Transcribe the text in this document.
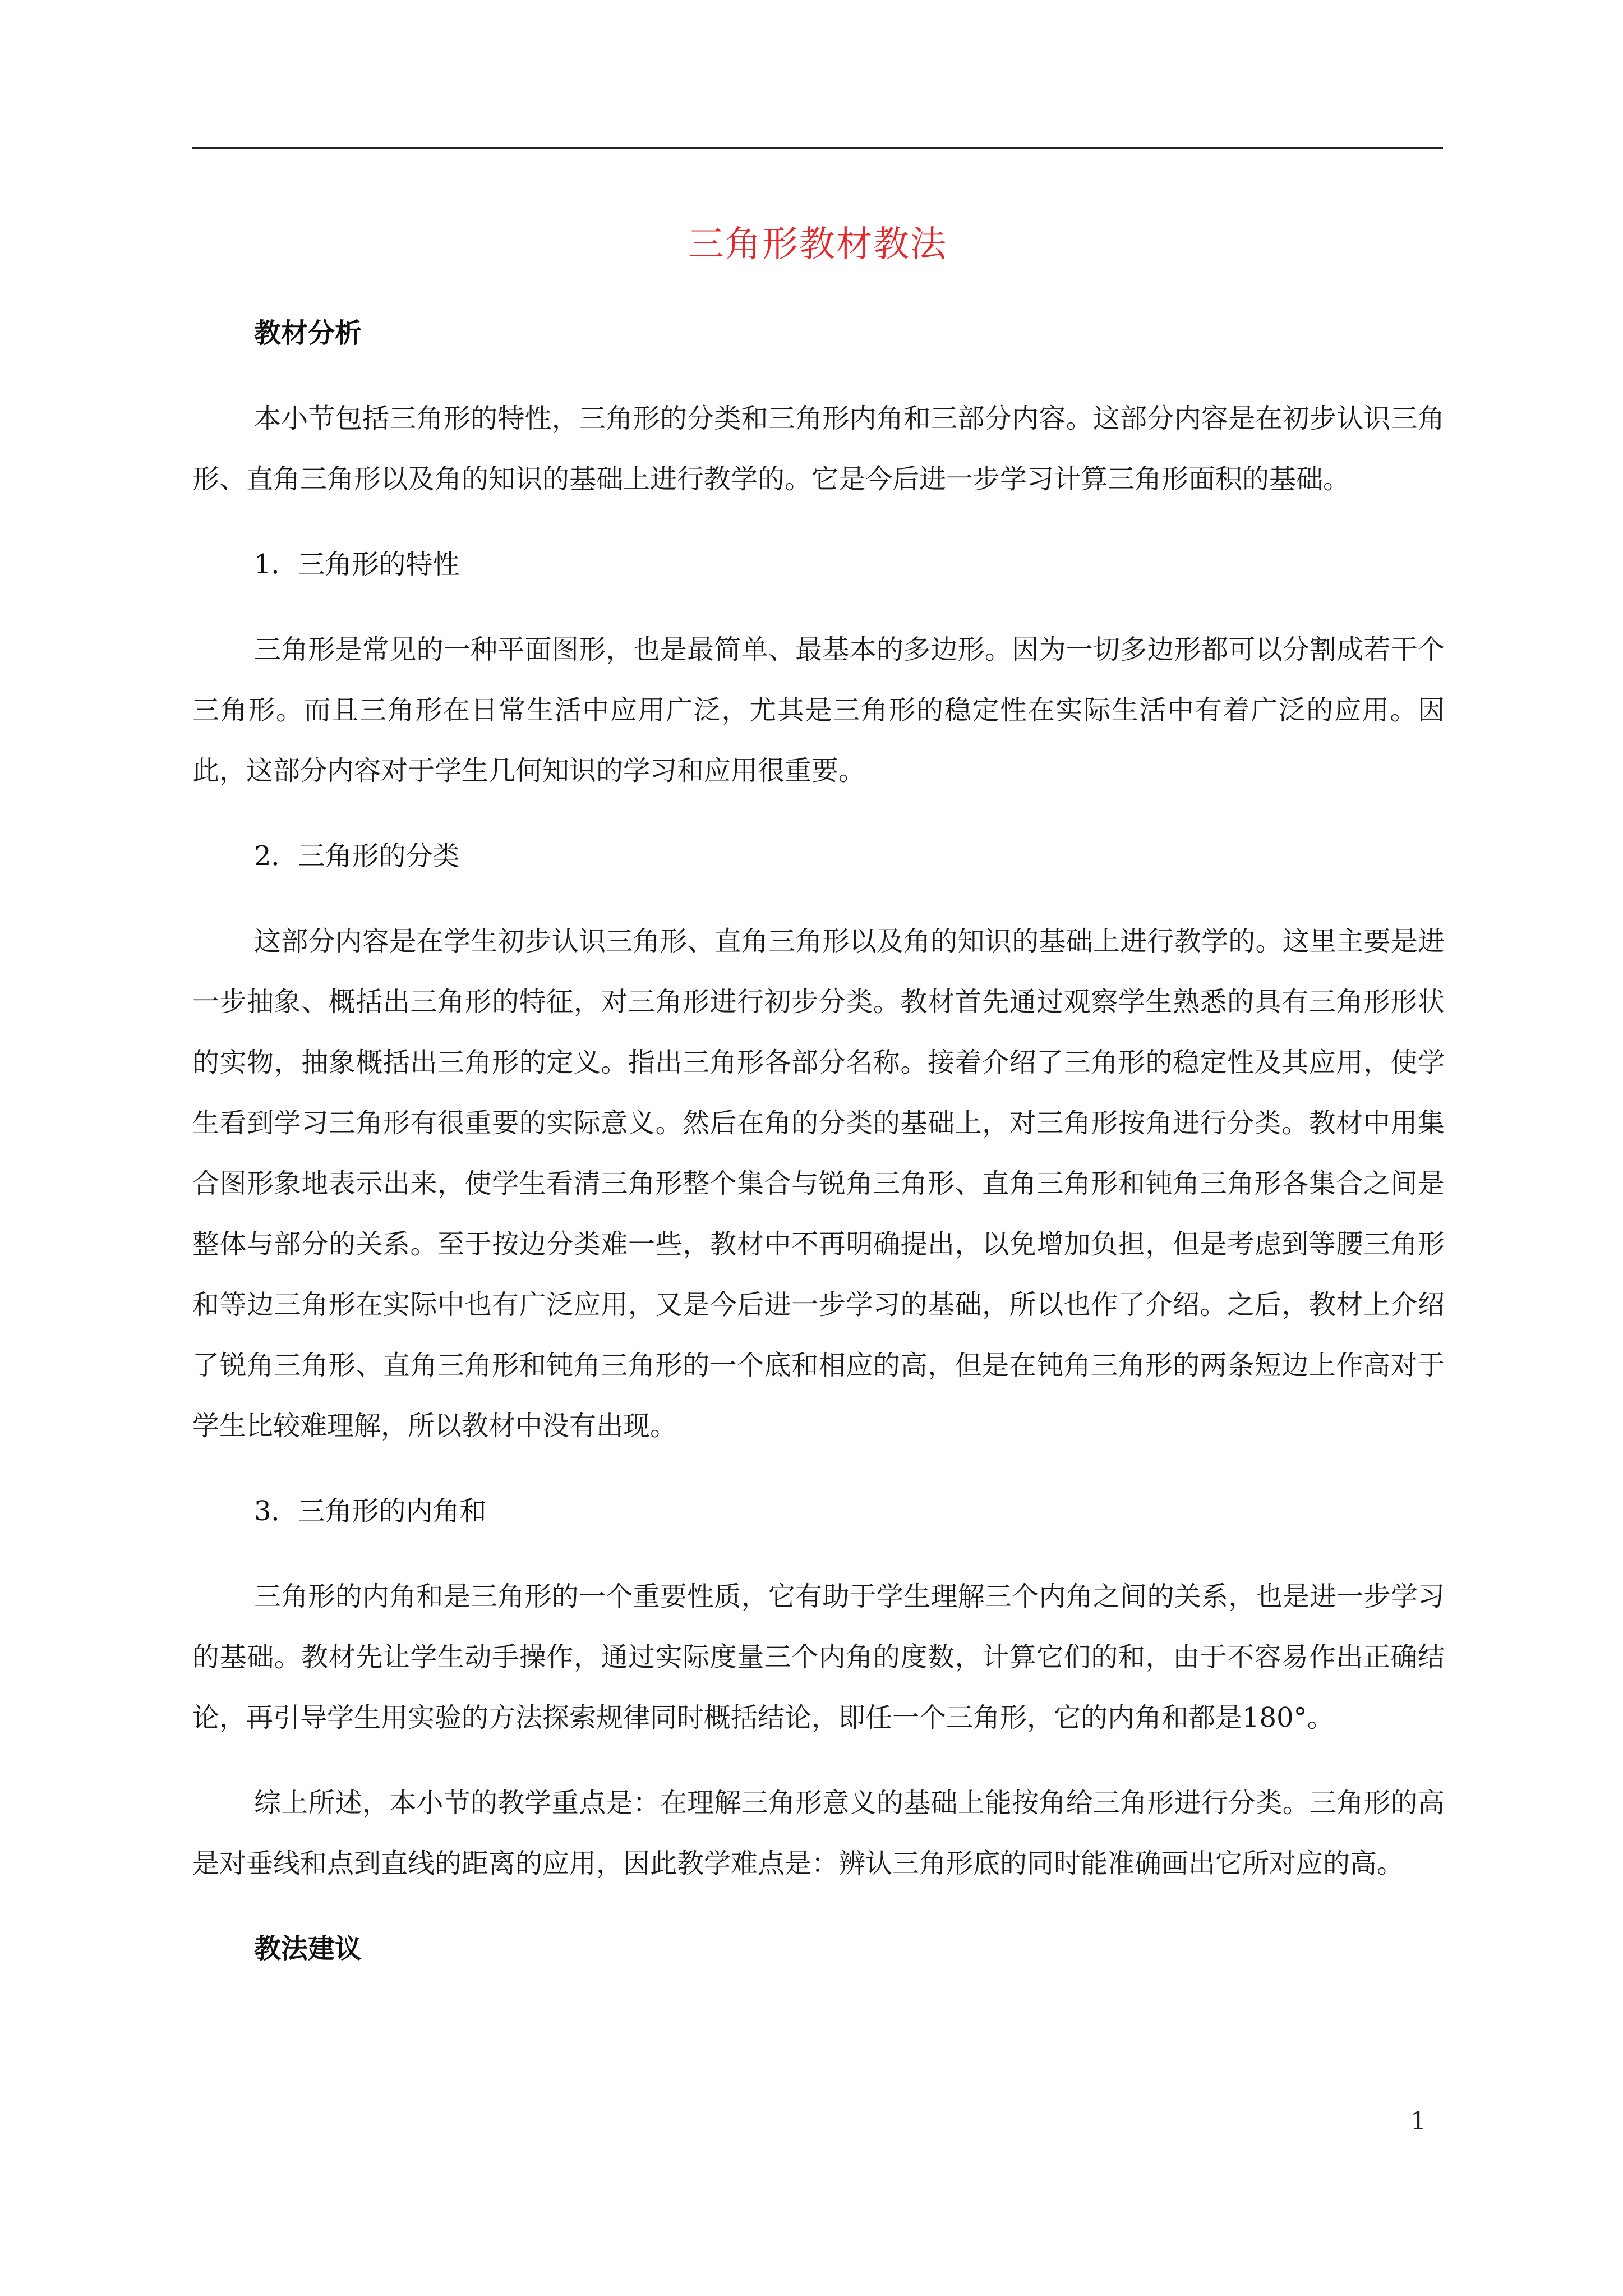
三角形教材教法
教材分析

本小节包括三角形的特性，三角形的分类和三角形内角和三部分内容。这部分内容是在初步认识三角形、直角三角形以及角的知识的基础上进行教学的。它是今后进一步学习计算三角形面积的基础。

1．三角形的特性

三角形是常见的一种平面图形，也是最简单、最基本的多边形。因为一切多边形都可以分割成若干个三角形。而且三角形在日常生活中应用广泛，尤其是三角形的稳定性在实际生活中有着广泛的应用。因此，这部分内容对于学生几何知识的学习和应用很重要。

2．三角形的分类

这部分内容是在学生初步认识三角形、直角三角形以及角的知识的基础上进行教学的。这里主要是进一步抽象、概括出三角形的特征，对三角形进行初步分类。教材首先通过观察学生熟悉的具有三角形形状的实物，抽象概括出三角形的定义。指出三角形各部分名称。接着介绍了三角形的稳定性及其应用，使学生看到学习三角形有很重要的实际意义。然后在角的分类的基础上，对三角形按角进行分类。教材中用集合图形象地表示出来，使学生看清三角形整个集合与锐角三角形、直角三角形和钝角三角形各集合之间是整体与部分的关系。至于按边分类难一些，教材中不再明确提出，以免增加负担，但是考虑到等腰三角形和等边三角形在实际中也有广泛应用，又是今后进一步学习的基础，所以也作了介绍。之后，教材上介绍了锐角三角形、直角三角形和钝角三角形的一个底和相应的高，但是在钝角三角形的两条短边上作高对于学生比较难理解，所以教材中没有出现。

3．三角形的内角和

三角形的内角和是三角形的一个重要性质，它有助于学生理解三个内角之间的关系，也是进一步学习的基础。教材先让学生动手操作，通过实际度量三个内角的度数，计算它们的和，由于不容易作出正确结论，再引导学生用实验的方法探索规律同时概括结论，即任一个三角形，它的内角和都是180°。

综上所述，本小节的教学重点是：在理解三角形意义的基础上能按角给三角形进行分类。三角形的高是对垂线和点到直线的距离的应用，因此教学难点是：辨认三角形底的同时能准确画出它所对应的高。

教法建议
1
